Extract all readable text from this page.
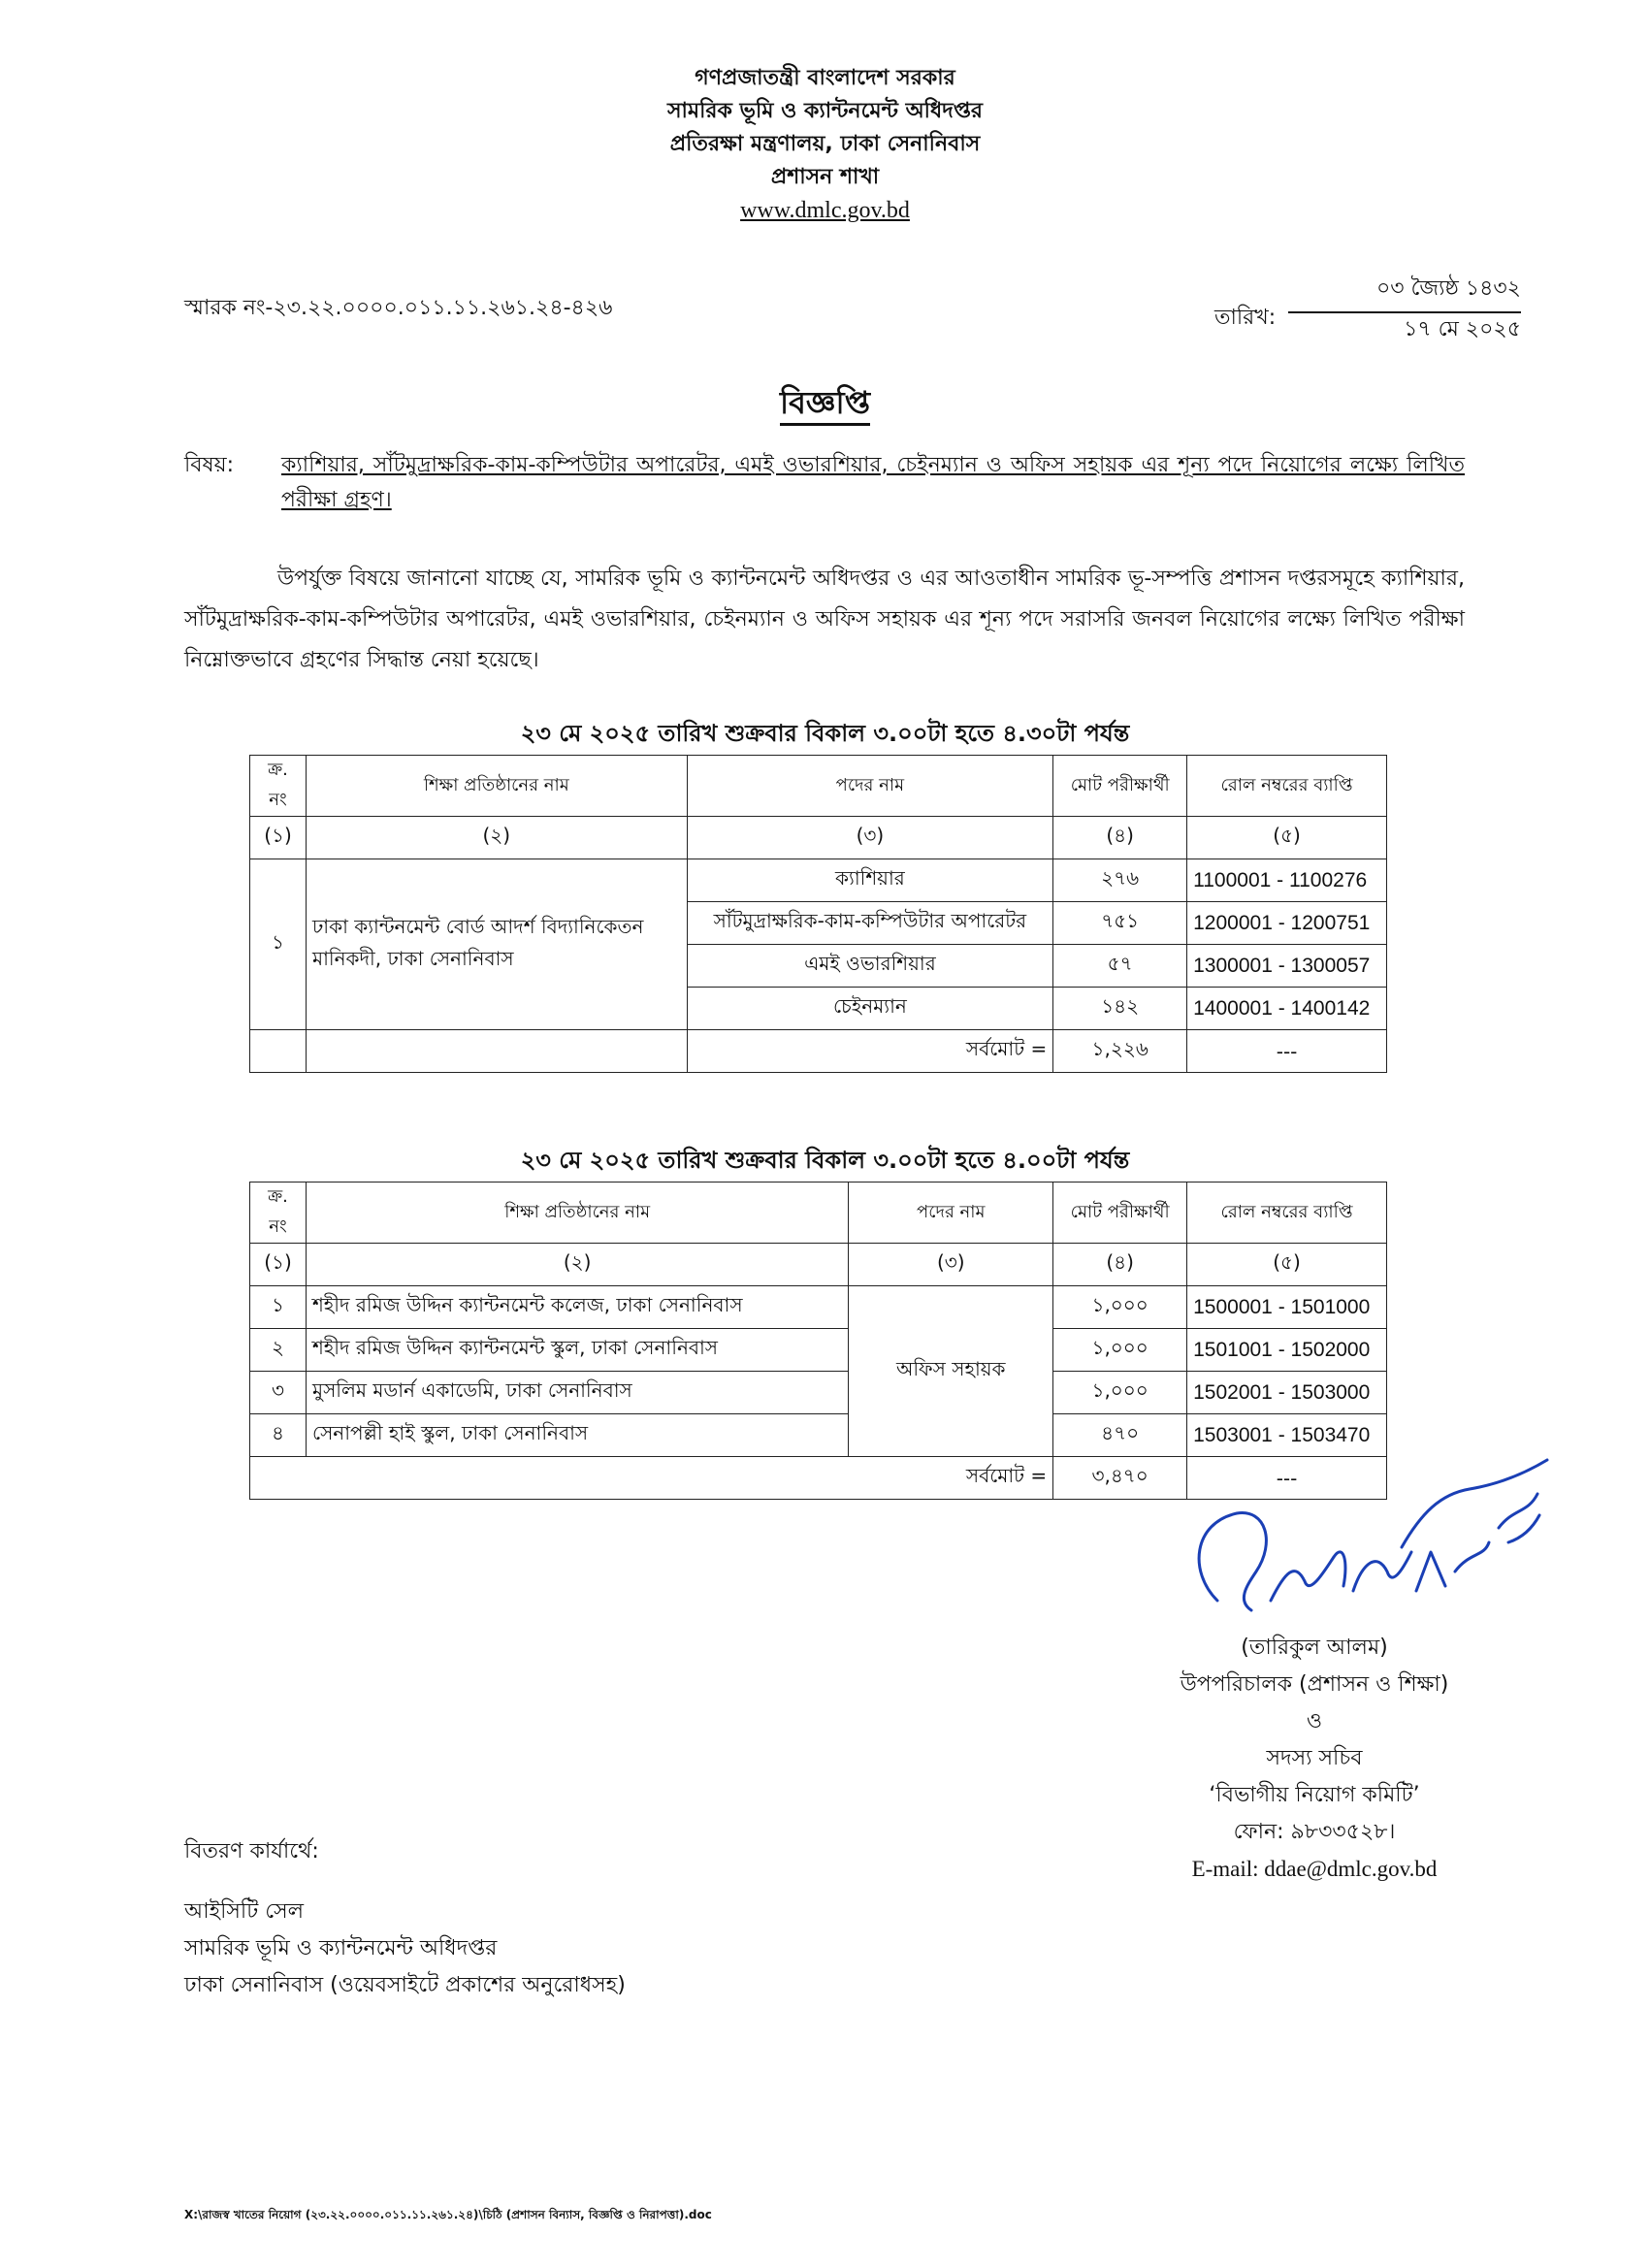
গণপ্রজাতন্ত্রী বাংলাদেশ সরকার
সামরিক ভূমি ও ক্যান্টনমেন্ট অধিদপ্তর
প্রতিরক্ষা মন্ত্রণালয়, ঢাকা সেনানিবাস
প্রশাসন শাখা
www.dmlc.gov.bd
স্মারক নং-২৩.২২.০০০০.০১১.১১.২৬১.২৪-৪২৬	তারিখ:
০৩ জ্যৈষ্ঠ ১৪৩২
১৭ মে ২০২৫
বিজ্ঞপ্তি
বিষয়: ক্যাশিয়ার, সাঁটমুদ্রাক্ষরিক-কাম-কম্পিউটার অপারেটর, এমই ওভারশিয়ার, চেইনম্যান ও অফিস সহায়ক এর শূন্য পদে নিয়োগের লক্ষ্যে লিখিত পরীক্ষা গ্রহণ।
উপর্যুক্ত বিষয়ে জানানো যাচ্ছে যে, সামরিক ভূমি ও ক্যান্টনমেন্ট অধিদপ্তর ও এর আওতাধীন সামরিক ভূ-সম্পত্তি প্রশাসন দপ্তরসমূহে ক্যাশিয়ার, সাঁটমুদ্রাক্ষরিক-কাম-কম্পিউটার অপারেটর, এমই ওভারশিয়ার, চেইনম্যান ও অফিস সহায়ক এর শূন্য পদে সরাসরি জনবল নিয়োগের লক্ষ্যে লিখিত পরীক্ষা নিম্নোক্তভাবে গ্রহণের সিদ্ধান্ত নেয়া হয়েছে।
২৩ মে ২০২৫ তারিখ শুক্রবার বিকাল ৩.০০টা হতে ৪.৩০টা পর্যন্ত
ক্র. নং	শিক্ষা প্রতিষ্ঠানের নাম	পদের নাম	মোট পরীক্ষার্থী	রোল নম্বরের ব্যাপ্তি
(১)	(২)	(৩)	(৪)	(৫)
১	ঢাকা ক্যান্টনমেন্ট বোর্ড আদর্শ বিদ্যানিকেতন মানিকদী, ঢাকা সেনানিবাস	ক্যাশিয়ার	২৭৬	1100001 - 1100276
		সাঁটমুদ্রাক্ষরিক-কাম-কম্পিউটার অপারেটর	৭৫১	1200001 - 1200751
		এমই ওভারশিয়ার	৫৭	1300001 - 1300057
		চেইনম্যান	১৪২	1400001 - 1400142
		সর্বমোট =	১,২২৬	---
২৩ মে ২০২৫ তারিখ শুক্রবার বিকাল ৩.০০টা হতে ৪.০০টা পর্যন্ত
ক্র. নং	শিক্ষা প্রতিষ্ঠানের নাম	পদের নাম	মোট পরীক্ষার্থী	রোল নম্বরের ব্যাপ্তি
(১)	(২)	(৩)	(৪)	(৫)
১	শহীদ রমিজ উদ্দিন ক্যান্টনমেন্ট কলেজ, ঢাকা সেনানিবাস	অফিস সহায়ক	১,০০০	1500001 - 1501000
২	শহীদ রমিজ উদ্দিন ক্যান্টনমেন্ট স্কুল, ঢাকা সেনানিবাস		১,০০০	1501001 - 1502000
৩	মুসলিম মডার্ন একাডেমি, ঢাকা সেনানিবাস		১,০০০	1502001 - 1503000
৪	সেনাপল্লী হাই স্কুল, ঢাকা সেনানিবাস		৪৭০	1503001 - 1503470
সর্বমোট =			৩,৪৭০	---
(তারিকুল আলম)
উপপরিচালক (প্রশাসন ও শিক্ষা)
ও
সদস্য সচিব
‘বিভাগীয় নিয়োগ কমিটি’
ফোন: ৯৮৩৩৫২৮।
E-mail: ddae@dmlc.gov.bd
বিতরণ কার্যার্থে:
আইসিটি সেল
সামরিক ভূমি ও ক্যান্টনমেন্ট অধিদপ্তর
ঢাকা সেনানিবাস (ওয়েবসাইটে প্রকাশের অনুরোধসহ)
X:\রাজস্ব খাতের নিয়োগ (২৩.২২.০০০০.০১১.১১.২৬১.২৪)\চিঠি (প্রশাসন বিন্যাস, বিজ্ঞপ্তি ও নিরাপত্তা).doc
